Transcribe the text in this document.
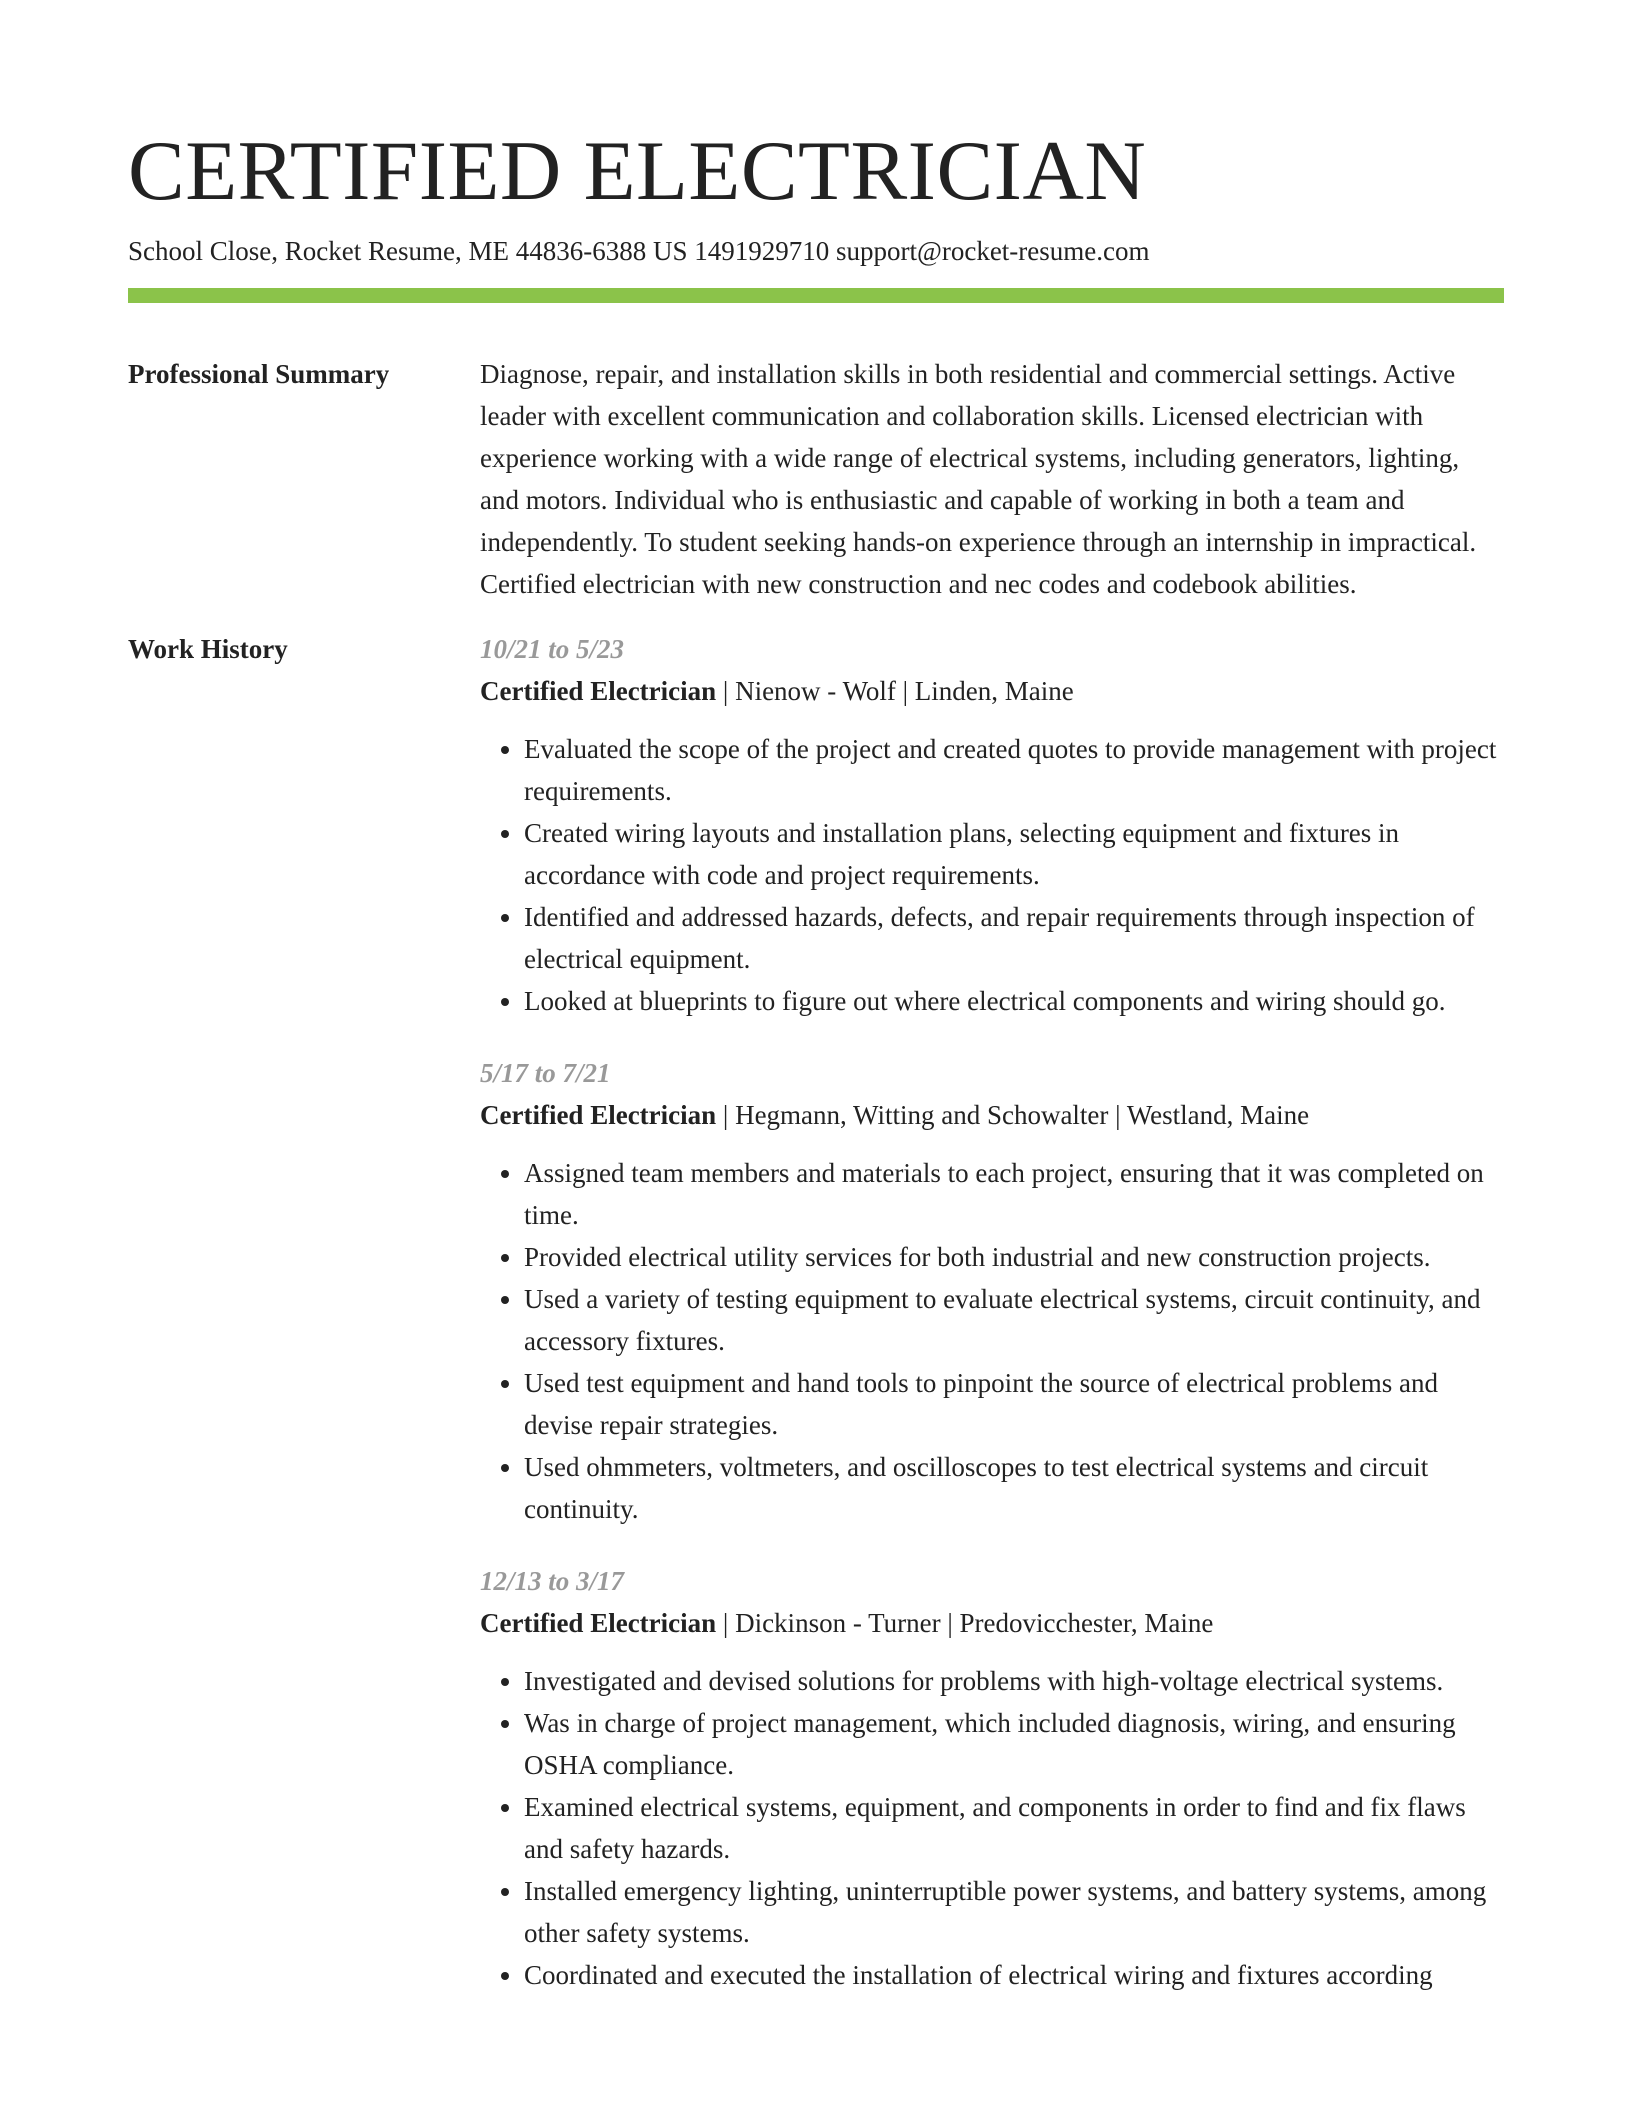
CERTIFIED ELECTRICIAN
School Close, Rocket Resume, ME 44836-6388 US 1491929710 support@rocket-resume.com
Professional Summary	Diagnose, repair, and installation skills in both residential and commercial settings. Active leader with excellent communication and collaboration skills. Licensed electrician with experience working with a wide range of electrical systems, including generators, lighting, and motors. Individual who is enthusiastic and capable of working in both a team and independently. To student seeking hands-on experience through an internship in impractical. Certified electrician with new construction and nec codes and codebook abilities.
Work History	10/21 to 5/23
Certified Electrician | Nienow - Wolf | Linden, Maine
• Evaluated the scope of the project and created quotes to provide management with project requirements.
• Created wiring layouts and installation plans, selecting equipment and fixtures in accordance with code and project requirements.
• Identified and addressed hazards, defects, and repair requirements through inspection of electrical equipment.
• Looked at blueprints to figure out where electrical components and wiring should go.
5/17 to 7/21
Certified Electrician | Hegmann, Witting and Schowalter | Westland, Maine
• Assigned team members and materials to each project, ensuring that it was completed on time.
• Provided electrical utility services for both industrial and new construction projects.
• Used a variety of testing equipment to evaluate electrical systems, circuit continuity, and accessory fixtures.
• Used test equipment and hand tools to pinpoint the source of electrical problems and devise repair strategies.
• Used ohmmeters, voltmeters, and oscilloscopes to test electrical systems and circuit continuity.
12/13 to 3/17
Certified Electrician | Dickinson - Turner | Predovicchester, Maine
• Investigated and devised solutions for problems with high-voltage electrical systems.
• Was in charge of project management, which included diagnosis, wiring, and ensuring OSHA compliance.
• Examined electrical systems, equipment, and components in order to find and fix flaws and safety hazards.
• Installed emergency lighting, uninterruptible power systems, and battery systems, among other safety systems.
• Coordinated and executed the installation of electrical wiring and fixtures according
